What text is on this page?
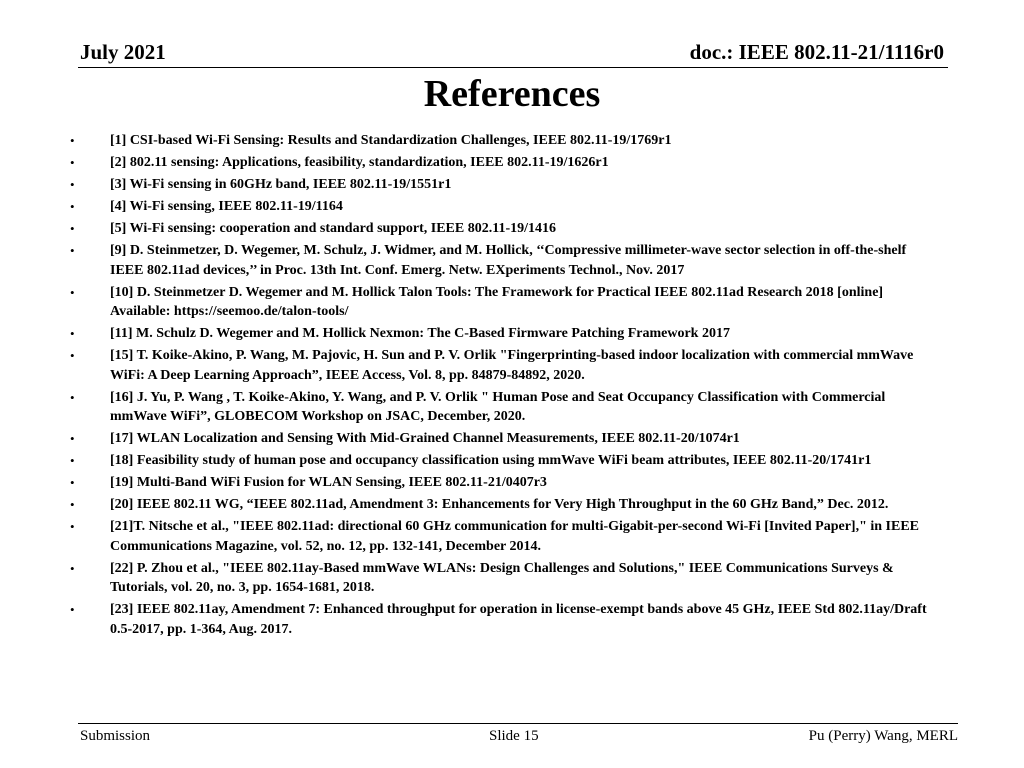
July 2021	doc.: IEEE 802.11-21/1116r0
References
•	[1] CSI-based Wi-Fi Sensing: Results and Standardization Challenges, IEEE 802.11-19/1769r1
•	[2] 802.11 sensing: Applications, feasibility, standardization, IEEE 802.11-19/1626r1
•	[3] Wi-Fi sensing in 60GHz band, IEEE 802.11-19/1551r1
•	[4] Wi-Fi sensing, IEEE 802.11-19/1164
•	[5] Wi-Fi sensing: cooperation and standard support, IEEE 802.11-19/1416
•	[9] D. Steinmetzer, D. Wegemer, M. Schulz, J. Widmer, and M. Hollick, ‘‘Compressive millimeter-wave sector selection in off-the-shelf IEEE 802.11ad devices,’’ in Proc. 13th Int. Conf. Emerg. Netw. EXperiments Technol., Nov. 2017
•	[10] D. Steinmetzer D. Wegemer and M. Hollick Talon Tools: The Framework for Practical IEEE 802.11ad Research 2018 [online] Available: https://seemoo.de/talon-tools/
•	[11] M. Schulz D. Wegemer and M. Hollick Nexmon: The C-Based Firmware Patching Framework 2017
•	[15] T. Koike-Akino, P. Wang, M. Pajovic, H. Sun and P. V. Orlik "Fingerprinting-based indoor localization with commercial mmWave WiFi: A Deep Learning Approach”, IEEE Access, Vol. 8, pp. 84879-84892, 2020.
•	[16] J. Yu, P. Wang , T. Koike-Akino, Y. Wang, and P. V. Orlik " Human Pose and Seat Occupancy Classification with Commercial mmWave WiFi”, GLOBECOM Workshop on JSAC, December, 2020.
•	[17] WLAN Localization and Sensing With Mid-Grained Channel Measurements, IEEE 802.11-20/1074r1
•	[18] Feasibility study of human pose and occupancy classification using mmWave WiFi beam attributes, IEEE 802.11-20/1741r1
•	[19] Multi-Band WiFi Fusion for WLAN Sensing, IEEE 802.11-21/0407r3
•	[20] IEEE 802.11 WG, “IEEE 802.11ad, Amendment 3: Enhancements for Very High Throughput in the 60 GHz Band,” Dec. 2012.
•	[21]T. Nitsche et al., "IEEE 802.11ad: directional 60 GHz communication for multi-Gigabit-per-second Wi-Fi [Invited Paper]," in IEEE Communications Magazine, vol. 52, no. 12, pp. 132-141, December 2014.
•	[22] P. Zhou et al., "IEEE 802.11ay-Based mmWave WLANs: Design Challenges and Solutions," IEEE Communications Surveys & Tutorials, vol. 20, no. 3, pp. 1654-1681, 2018.
•	[23] IEEE 802.11ay, Amendment 7: Enhanced throughput for operation in license-exempt bands above 45 GHz, IEEE Std 802.11ay/Draft 0.5-2017, pp. 1-364, Aug. 2017.
Submission	Slide 15	Pu (Perry) Wang, MERL
